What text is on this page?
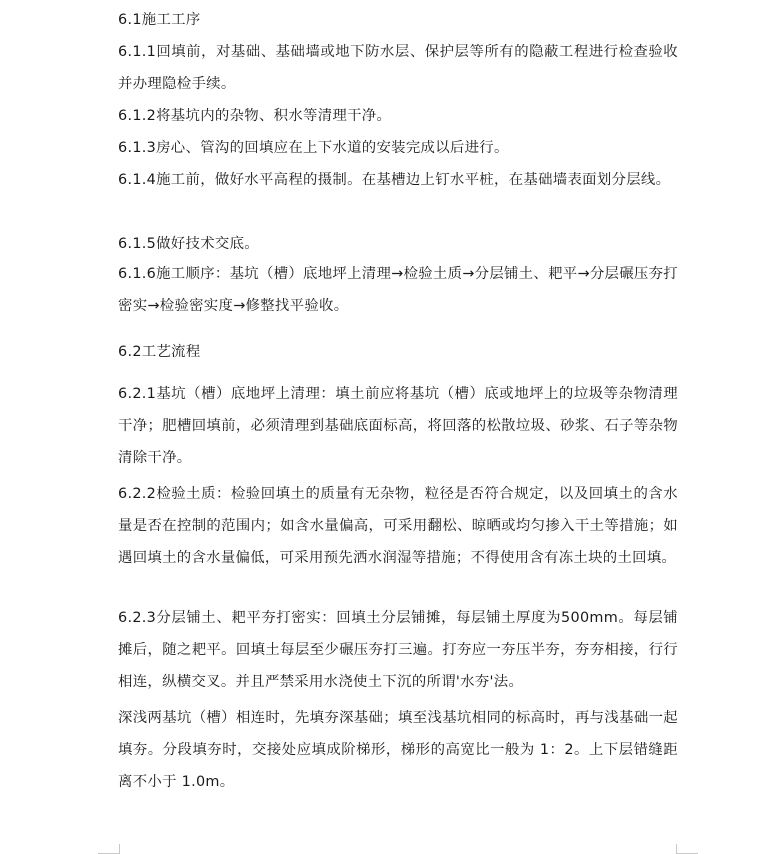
6.1施工工序

6.1.1回填前，对基础、基础墙或地下防水层、保护层等所有的隐蔽工程进行检查验收并办理隐检手续。

6.1.2将基坑内的杂物、积水等清理干净。

6.1.3房心、管沟的回填应在上下水道的安装完成以后进行。

6.1.4施工前，做好水平高程的摄制。在基槽边上钉水平桩，在基础墙表面划分层线。

6.1.5做好技术交底。

6.1.6施工顺序：基坑（槽）底地坪上清理→检验土质→分层铺土、耙平→分层碾压夯打密实→检验密实度→修整找平验收。

6.2工艺流程

6.2.1基坑（槽）底地坪上清理：填土前应将基坑（槽）底或地坪上的垃圾等杂物清理干净；肥槽回填前，必须清理到基础底面标高，将回落的松散垃圾、砂浆、石子等杂物清除干净。

6.2.2检验土质：检验回填土的质量有无杂物，粒径是否符合规定，以及回填土的含水量是否在控制的范围内；如含水量偏高，可采用翻松、晾晒或均匀掺入干土等措施；如遇回填土的含水量偏低，可采用预先洒水润湿等措施；不得使用含有冻土块的土回填。

6.2.3分层铺土、耙平夯打密实：回填土分层铺摊，每层铺土厚度为500mm。每层铺摊后，随之耙平。回填土每层至少碾压夯打三遍。打夯应一夯压半夯，夯夯相接，行行相连，纵横交叉。并且严禁采用水浇使土下沉的所谓'水夯'法。

深浅两基坑（槽）相连时，先填夯深基础；填至浅基坑相同的标高时，再与浅基础一起填夯。分段填夯时，交接处应填成阶梯形，梯形的高宽比一般为 1：2。上下层错缝距离不小于 1.0m。
